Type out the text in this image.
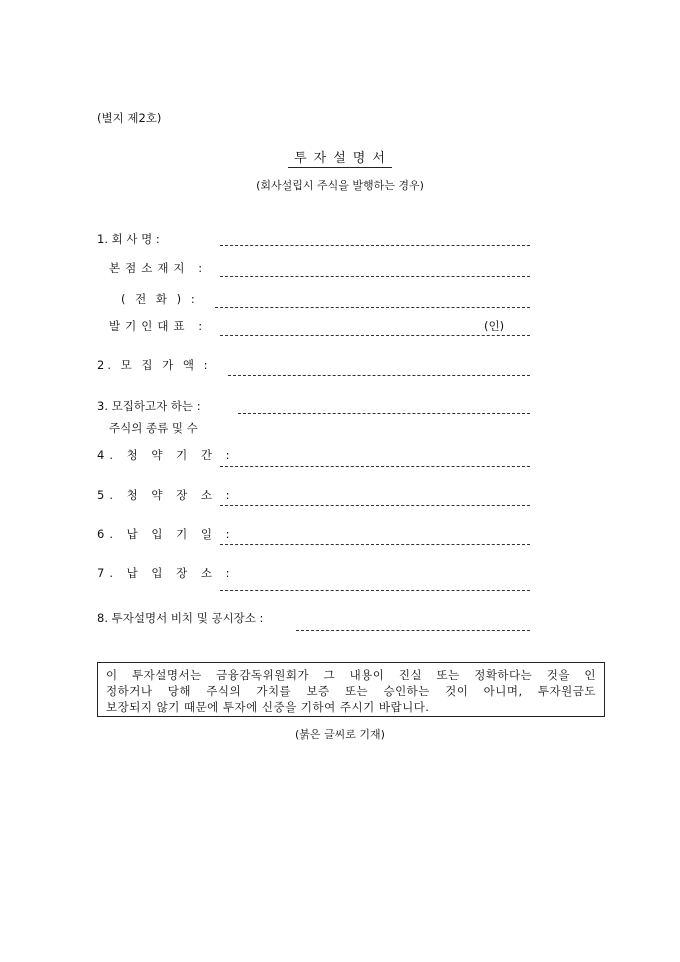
(별지 제2호)
투자설명서
(회사설립시 주식을 발행하는 경우)
1. 회 사 명 :
본점소재지 :
( 전 화 ) :
발기인대표 :	(인)
2. 모 집 가 액 :
3. 모집하고자 하는 :
주식의 종류 및 수
4. 청 약 기 간 :
5. 청 약 장 소 :
6. 납 입 기 일 :
7. 납 입 장 소 :
8. 투자설명서 비치 및 공시장소 :
이 투자설명서는 금융감독위원회가 그 내용이 진실 또는 정확하다는 것을 인
정하거나 당해 주식의 가치를 보증 또는 승인하는 것이 아니며, 투자원금도
보장되지 않기 때문에 투자에 신중을 기하여 주시기 바랍니다.
(붉은 글씨로 기재)
